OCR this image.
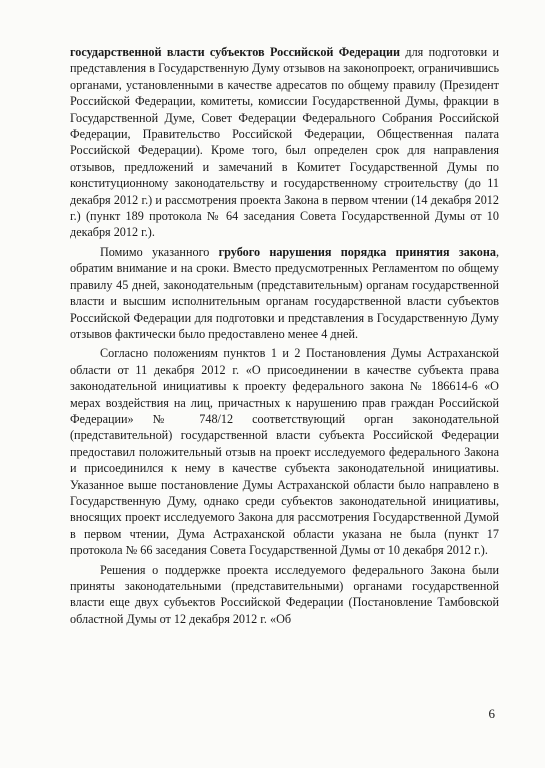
государственной власти субъектов Российской Федерации для подготовки и представления в Государственную Думу отзывов на законопроект, ограничившись органами, установленными в качестве адресатов по общему правилу (Президент Российской Федерации, комитеты, комиссии Государственной Думы, фракции в Государственной Думе, Совет Федерации Федерального Собрания Российской Федерации, Правительство Российской Федерации, Общественная палата Российской Федерации). Кроме того, был определен срок для направления отзывов, предложений и замечаний в Комитет Государственной Думы по конституционному законодательству и государственному строительству (до 11 декабря 2012 г.) и рассмотрения проекта Закона в первом чтении (14 декабря 2012 г.) (пункт 189 протокола № 64 заседания Совета Государственной Думы от 10 декабря 2012 г.).

Помимо указанного грубого нарушения порядка принятия закона, обратим внимание и на сроки. Вместо предусмотренных Регламентом по общему правилу 45 дней, законодательным (представительным) органам государственной власти и высшим исполнительным органам государственной власти субъектов Российской Федерации для подготовки и представления в Государственную Думу отзывов фактически было предоставлено менее 4 дней.

Согласно положениям пунктов 1 и 2 Постановления Думы Астраханской области от 11 декабря 2012 г. «О присоединении в качестве субъекта права законодательной инициативы к проекту федерального закона № 186614-6 «О мерах воздействия на лиц, причастных к нарушению прав граждан Российской Федерации» № 748/12 соответствующий орган законодательной (представительной) государственной власти субъекта Российской Федерации предоставил положительный отзыв на проект исследуемого федерального Закона и присоединился к нему в качестве субъекта законодательной инициативы. Указанное выше постановление Думы Астраханской области было направлено в Государственную Думу, однако среди субъектов законодательной инициативы, вносящих проект исследуемого Закона для рассмотрения Государственной Думой в первом чтении, Дума Астраханской области указана не была (пункт 17 протокола № 66 заседания Совета Государственной Думы от 10 декабря 2012 г.).

Решения о поддержке проекта исследуемого федерального Закона были приняты законодательными (представительными) органами государственной власти еще двух субъектов Российской Федерации (Постановление Тамбовской областной Думы от 12 декабря 2012 г. «Об

6
